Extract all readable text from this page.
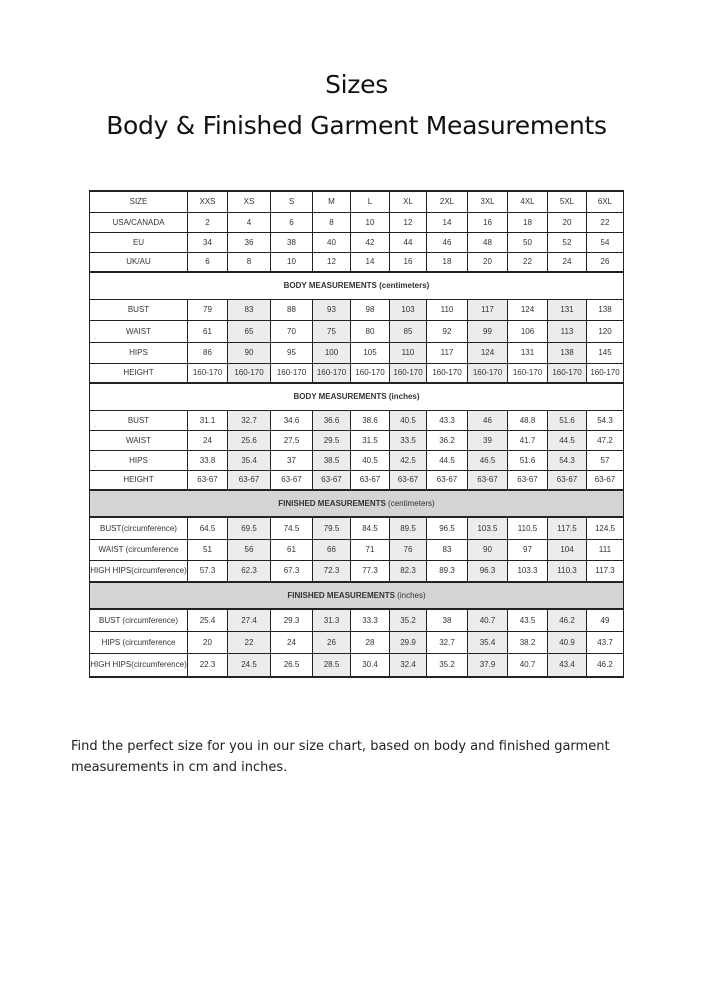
Sizes
Body & Finished Garment Measurements
SIZE	XXS	XS	S	M	L	XL	2XL	3XL	4XL	5XL	6XL
USA/CANADA	2	4	6	8	10	12	14	16	18	20	22
EU	34	36	38	40	42	44	46	48	50	52	54
UK/AU	6	8	10	12	14	16	18	20	22	24	26
BODY MEASUREMENTS (centimeters)											
BUST	79	83	88	93	98	103	110	117	124	131	138
WAIST	61	65	70	75	80	85	92	99	106	113	120
HIPS	86	90	95	100	105	110	117	124	131	138	145
HEIGHT	160-170	160-170	160-170	160-170	160-170	160-170	160-170	160-170	160-170	160-170	160-170
BODY MEASUREMENTS (inches)											
BUST	31.1	32.7	34.6	36.6	38.6	40.5	43.3	46	48.8	51.6	54.3
WAIST	24	25.6	27.5	29.5	31.5	33.5	36.2	39	41.7	44.5	47.2
HIPS	33.8	35.4	37	38.5	40.5	42.5	44.5	46.5	51.6	54.3	57
HEIGHT	63-67	63-67	63-67	63-67	63-67	63-67	63-67	63-67	63-67	63-67	63-67
FINISHED MEASUREMENTS (centimeters)											
BUST(circumference)	64.5	69.5	74.5	79.5	84.5	89.5	96.5	103.5	110.5	117.5	124.5
WAIST (circumference	51	56	61	66	71	76	83	90	97	104	111
HIGH HIPS(circumference)	57.3	62.3	67.3	72.3	77.3	82.3	89.3	96.3	103.3	110.3	117.3
FINISHED MEASUREMENTS (inches)											
BUST (circumference)	25.4	27.4	29.3	31.3	33.3	35.2	38	40.7	43.5	46.2	49
HIPS (circumference	20	22	24	26	28	29.9	32.7	35.4	38.2	40.9	43.7
HIGH HIPS(circumference)	22.3	24.5	26.5	28.5	30.4	32.4	35.2	37.9	40.7	43.4	46.2
Find the perfect size for you in our size chart, based on body and finished garment measurements in cm and inches.
